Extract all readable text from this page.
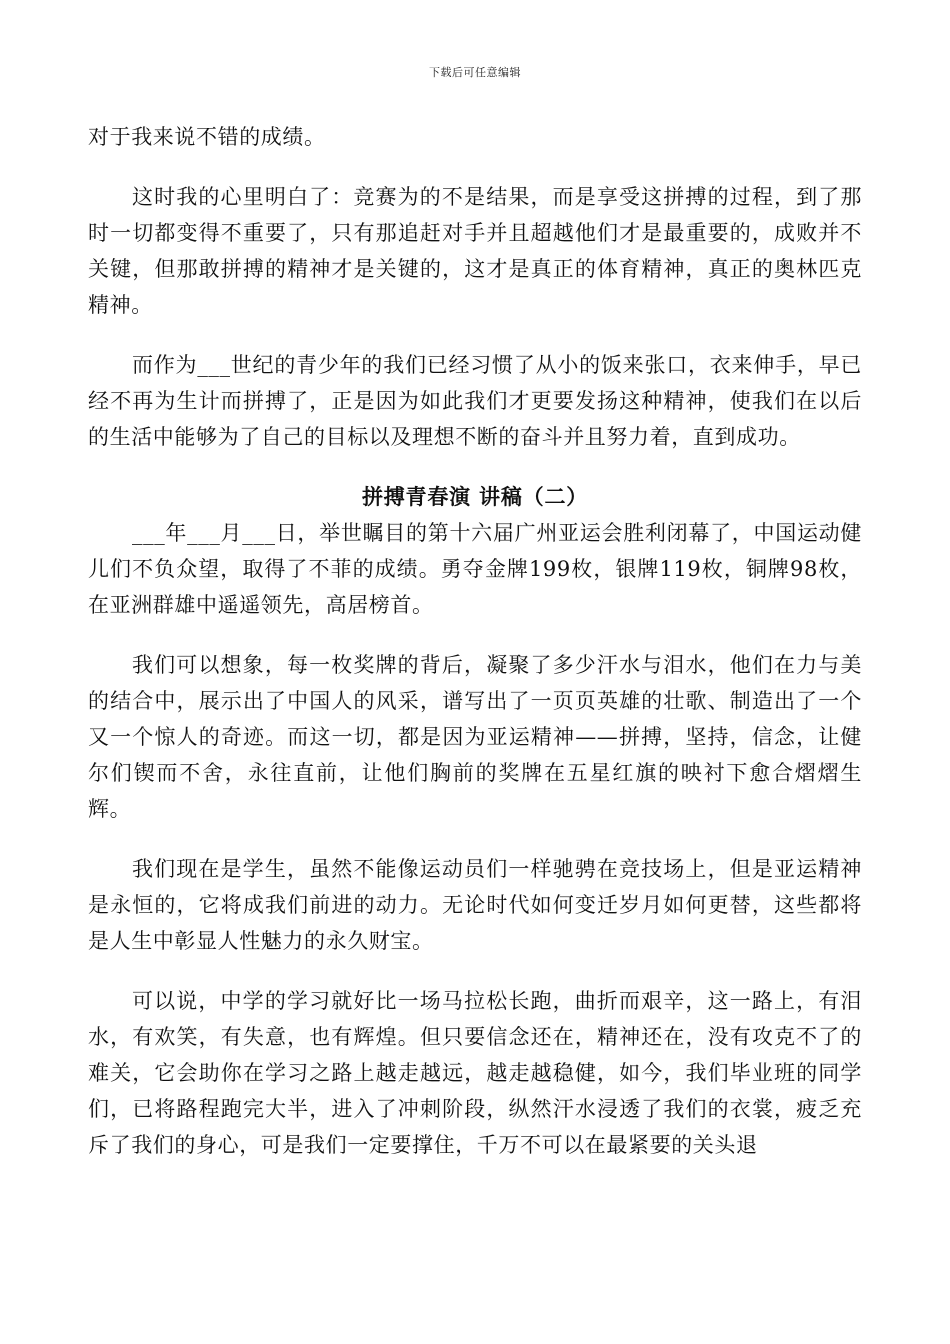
下载后可任意编辑

对于我来说不错的成绩。

这时我的心里明白了：竞赛为的不是结果，而是享受这拼搏的过程，到了那时一切都变得不重要了，只有那追赶对手并且超越他们才是最重要的，成败并不关键，但那敢拼搏的精神才是关键的，这才是真正的体育精神，真正的奥林匹克精神。

而作为___世纪的青少年的我们已经习惯了从小的饭来张口，衣来伸手，早已经不再为生计而拼搏了，正是因为如此我们才更要发扬这种精神，使我们在以后的生活中能够为了自己的目标以及理想不断的奋斗并且努力着，直到成功。

拼搏青春演 讲稿（二）

___年___月___日，举世瞩目的第十六届广州亚运会胜利闭幕了，中国运动健儿们不负众望，取得了不菲的成绩。勇夺金牌199枚，银牌119枚，铜牌98枚，在亚洲群雄中遥遥领先，高居榜首。

我们可以想象，每一枚奖牌的背后，凝聚了多少汗水与泪水，他们在力与美的结合中，展示出了中国人的风采，谱写出了一页页英雄的壮歌、制造出了一个又一个惊人的奇迹。而这一切，都是因为亚运精神——拼搏，坚持，信念，让健尔们锲而不舍，永往直前，让他们胸前的奖牌在五星红旗的映衬下愈合熠熠生辉。

我们现在是学生，虽然不能像运动员们一样驰骋在竞技场上，但是亚运精神是永恒的，它将成我们前进的动力。无论时代如何变迁岁月如何更替，这些都将是人生中彰显人性魅力的永久财宝。

可以说，中学的学习就好比一场马拉松长跑，曲折而艰辛，这一路上，有泪水，有欢笑，有失意，也有辉煌。但只要信念还在，精神还在，没有攻克不了的难关，它会助你在学习之路上越走越远，越走越稳健，如今，我们毕业班的同学们，已将路程跑完大半，进入了冲刺阶段，纵然汗水浸透了我们的衣裳，疲乏充斥了我们的身心，可是我们一定要撑住，千万不可以在最紧要的关头退
